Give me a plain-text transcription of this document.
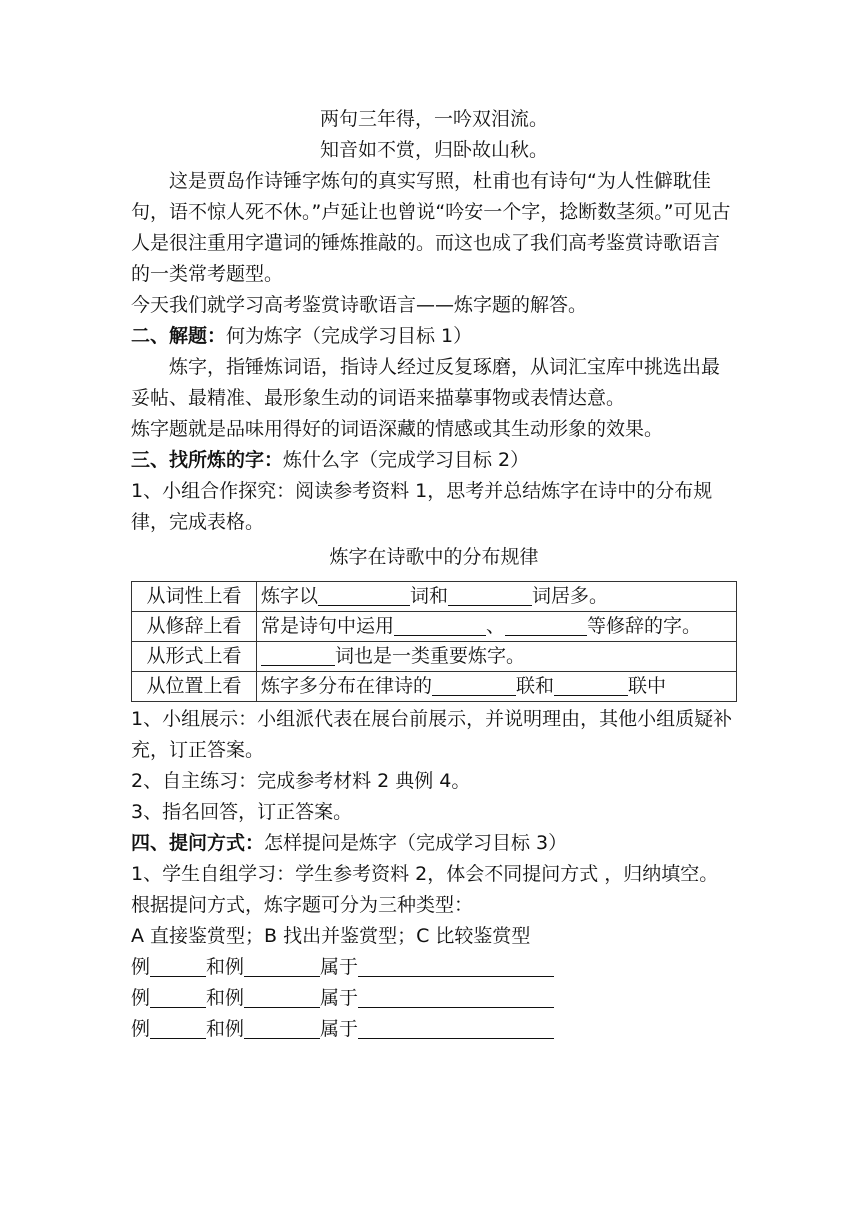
两句三年得，一吟双泪流。

知音如不赏，归卧故山秋。

这是贾岛作诗锤字炼句的真实写照，杜甫也有诗句“为人性僻耽佳句，语不惊人死不休。”卢延让也曾说“吟安一个字，捻断数茎须。”可见古人是很注重用字遣词的锤炼推敲的。而这也成了我们高考鉴赏诗歌语言的一类常考题型。

今天我们就学习高考鉴赏诗歌语言——炼字题的解答。

二、解题：何为炼字（完成学习目标 1）

炼字，指锤炼词语，指诗人经过反复琢磨，从词汇宝库中挑选出最妥帖、最精准、最形象生动的词语来描摹事物或表情达意。

炼字题就是品味用得好的词语深藏的情感或其生动形象的效果。

三、找所炼的字：炼什么字（完成学习目标 2）

1、小组合作探究：阅读参考资料 1，思考并总结炼字在诗中的分布规律，完成表格。

炼字在诗歌中的分布规律

从词性上看	炼字以 词和 词居多。
从修辞上看	常是诗句中运用 、 等修辞的字。
从形式上看	词也是一类重要炼字。
从位置上看	炼字多分布在律诗的 联和 联中

1、小组展示：小组派代表在展台前展示，并说明理由，其他小组质疑补充，订正答案。

2、自主练习：完成参考材料 2 典例 4。

3、指名回答，订正答案。

四、提问方式：怎样提问是炼字（完成学习目标 3）

1、学生自组学习：学生参考资料 2，体会不同提问方式 ，归纳填空。

根据提问方式，炼字题可分为三种类型：

A 直接鉴赏型；B 找出并鉴赏型；C 比较鉴赏型

例	和例	属于

例	和例	属于

例	和例	属于
